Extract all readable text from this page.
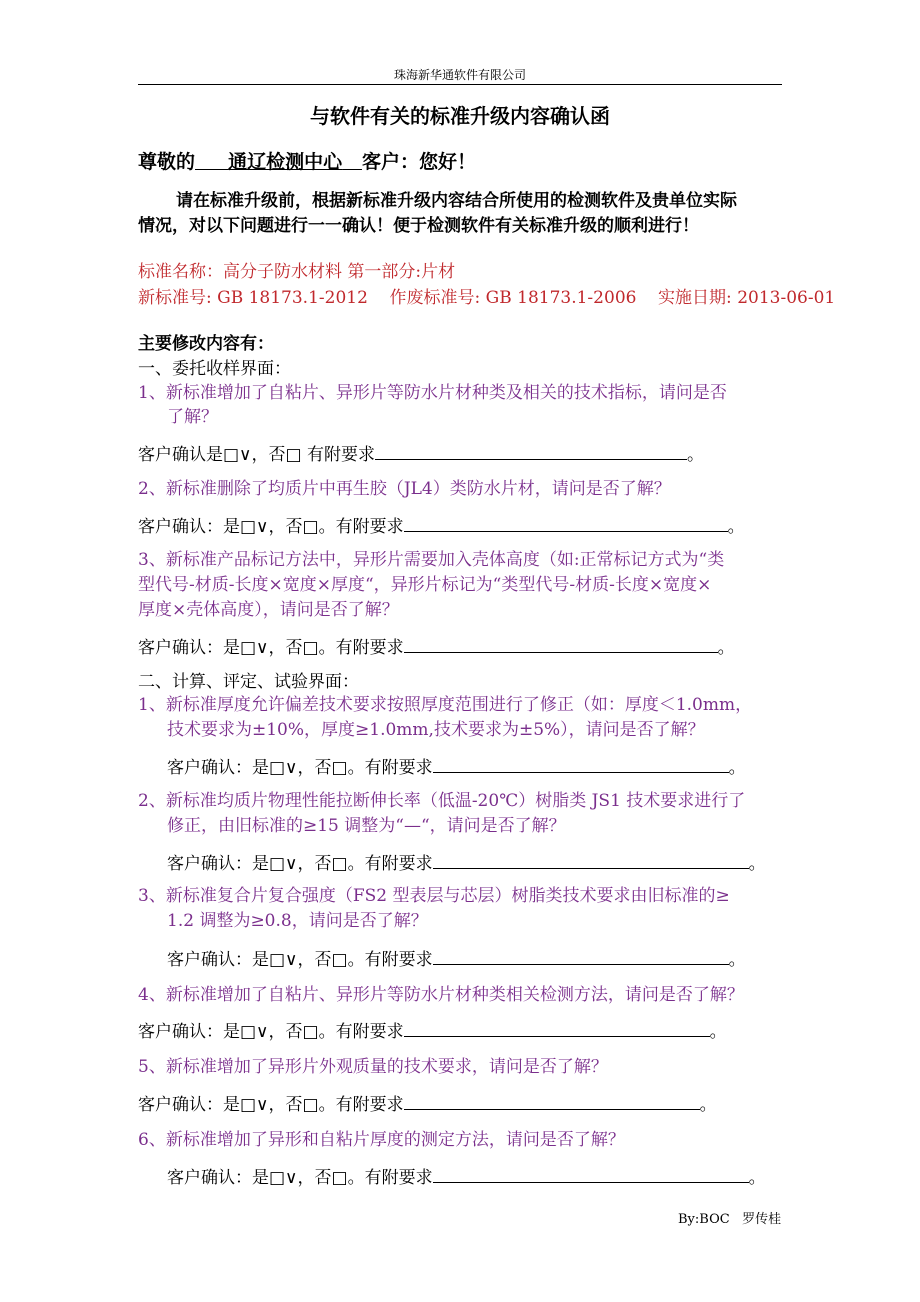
珠海新华通软件有限公司
与软件有关的标准升级内容确认函
尊敬的 通辽检测中心 客户：您好！
请在标准升级前，根据新标准升级内容结合所使用的检测软件及贵单位实际
情况，对以下问题进行一一确认！便于检测软件有关标准升级的顺利进行！
标准名称：高分子防水材料 第一部分:片材
新标准号: GB 18173.1-2012    作废标准号: GB 18173.1-2006    实施日期: 2013-06-01
主要修改内容有：
一、委托收样界面：
1、新标准增加了自粘片、异形片等防水片材种类及相关的技术指标，请问是否
了解？
客户确认是□∨，否□ 有附要求	。
2、新标准删除了均质片中再生胶（JL4）类防水片材，请问是否了解？
客户确认：是□∨，否□。有附要求	。
3、新标准产品标记方法中，异形片需要加入壳体高度（如:正常标记方式为“类
型代号-材质-长度×宽度×厚度“，异形片标记为“类型代号-材质-长度×宽度×
厚度×壳体高度），请问是否了解？
客户确认：是□∨，否□。有附要求	。
二、计算、评定、试验界面：
1、新标准厚度允许偏差技术要求按照厚度范围进行了修正（如：厚度＜1.0mm，
技术要求为±10%，厚度≥1.0mm,技术要求为±5%），请问是否了解？
客户确认：是□∨，否□。有附要求	。
2、新标准均质片物理性能拉断伸长率（低温-20℃）树脂类 JS1 技术要求进行了
修正，由旧标准的≥15 调整为“—“，请问是否了解？
客户确认：是□∨，否□。有附要求	。
3、新标准复合片复合强度（FS2 型表层与芯层）树脂类技术要求由旧标准的≥
1.2 调整为≥0.8，请问是否了解？
客户确认：是□∨，否□。有附要求	。
4、新标准增加了自粘片、异形片等防水片材种类相关检测方法，请问是否了解？
客户确认：是□∨，否□。有附要求	。
5、新标准增加了异形片外观质量的技术要求，请问是否了解？
客户确认：是□∨，否□。有附要求	。
6、新标准增加了异形和自粘片厚度的测定方法，请问是否了解？
客户确认：是□∨，否□。有附要求	。
By:BOC   罗传桂
